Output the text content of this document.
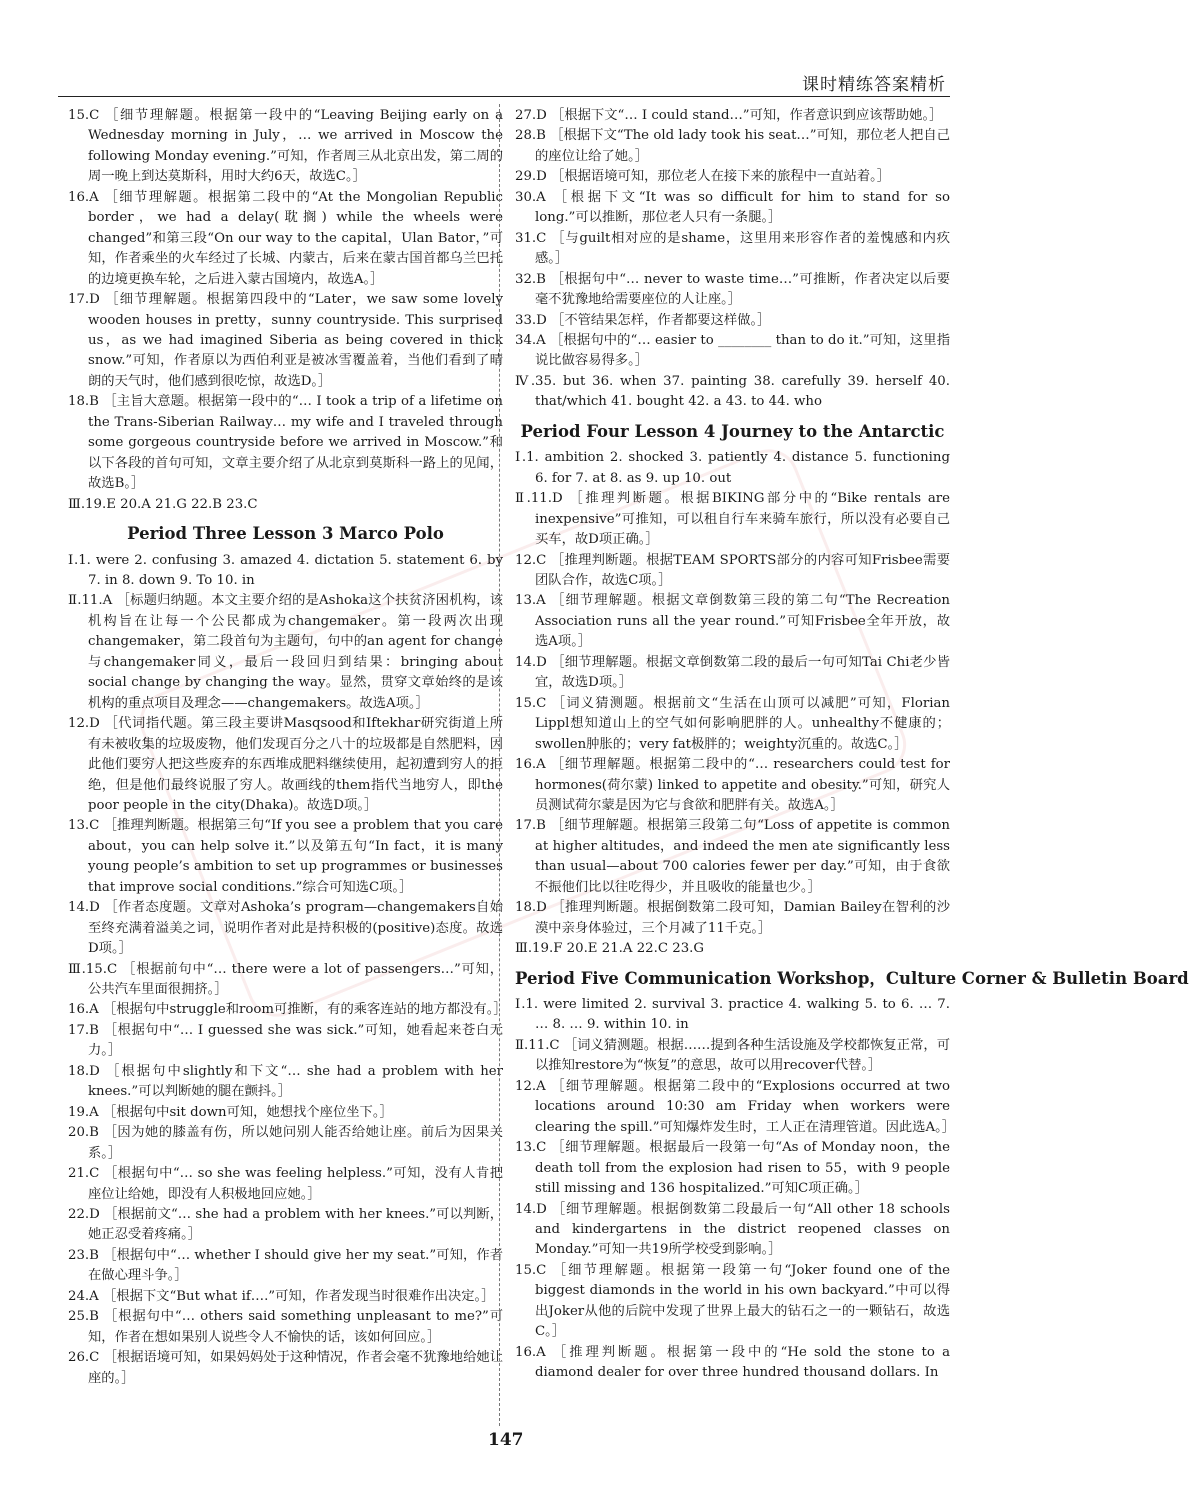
课时精练答案精析

15.C ［细节理解题。根据第一段中的“Leaving Beijing early on a Wednesday morning in July，… we arrived in Moscow the following Monday evening.”可知，作者周三从北京出发，第二周的周一晚上到达莫斯科，用时大约6天，故选C。］

16.A ［细节理解题。根据第二段中的“At the Mongolian Republic border，we had a delay(耽搁) while the wheels were changed”和第三段“On our way to the capital，Ulan Bator，”可知，作者乘坐的火车经过了长城、内蒙古，后来在蒙古国首都乌兰巴托的边境更换车轮，之后进入蒙古国境内，故选A。］

17.D ［细节理解题。根据第四段中的“Later，we saw some lovely wooden houses in pretty，sunny countryside. This surprised us，as we had imagined Siberia as being covered in thick snow.”可知，作者原以为西伯利亚是被冰雪覆盖着，当他们看到了晴朗的天气时，他们感到很吃惊，故选D。］

18.B ［主旨大意题。根据第一段中的“… I took a trip of a lifetime on the Trans-Siberian Railway… my wife and I traveled through some gorgeous countryside before we arrived in Moscow.”和以下各段的首句可知，文章主要介绍了从北京到莫斯科一路上的见闻，故选B。］

Ⅲ.19.E 20.A 21.G 22.B 23.C

Period Three Lesson 3 Marco Polo

Ⅰ.1. were 2. confusing 3. amazed 4. dictation 5. statement 6. by 7. in 8. down 9. To 10. in

Ⅱ.11.A ［标题归纳题。本文主要介绍的是Ashoka这个扶贫济困机构，该机构旨在让每一个公民都成为changemaker。第一段两次出现changemaker，第二段首句为主题句，句中的an agent for change与changemaker同义，最后一段回归到结果：bringing about social change by changing the way。显然，贯穿文章始终的是该机构的重点项目及理念——changemakers。故选A项。］

12.D ［代词指代题。第三段主要讲Masqsood和Iftekhar研究街道上所有未被收集的垃圾废物，他们发现百分之八十的垃圾都是自然肥料，因此他们要穷人把这些废弃的东西堆成肥料继续使用，起初遭到穷人的拒绝，但是他们最终说服了穷人。故画线的them指代当地穷人，即the poor people in the city(Dhaka)。故选D项。］

13.C ［推理判断题。根据第三句“If you see a problem that you care about，you can help solve it.”以及第五句“In fact，it is many young people’s ambition to set up programmes or businesses that improve social conditions.”综合可知选C项。］

14.D ［作者态度题。文章对Ashoka’s program—changemakers自始至终充满着溢美之词，说明作者对此是持积极的(positive)态度。故选D项。］

Ⅲ.15.C ［根据前句中“… there were a lot of passengers…”可知，公共汽车里面很拥挤。］

16.A ［根据句中struggle和room可推断，有的乘客连站的地方都没有。］

17.B ［根据句中“… I guessed she was sick.”可知，她看起来苍白无力。］

18.D ［根据句中slightly和下文“… she had a problem with her knees.”可以判断她的腿在颤抖。］

19.A ［根据句中sit down可知，她想找个座位坐下。］

20.B ［因为她的膝盖有伤，所以她问别人能否给她让座。前后为因果关系。］

21.C ［根据句中“… so she was feeling helpless.”可知，没有人肯把座位让给她，即没有人积极地回应她。］

22.D ［根据前文“… she had a problem with her knees.”可以判断，她正忍受着疼痛。］

23.B ［根据句中“… whether I should give her my seat.”可知，作者在做心理斗争。］

24.A ［根据下文“But what if….”可知，作者发现当时很难作出决定。］

25.B ［根据句中“… others said something unpleasant to me?”可知，作者在想如果别人说些令人不愉快的话，该如何回应。］

26.C ［根据语境可知，如果妈妈处于这种情况，作者会毫不犹豫地给她让座的。］

27.D ［根据下文“… I could stand…”可知，作者意识到应该帮助她。］

28.B ［根据下文“The old lady took his seat…”可知，那位老人把自己的座位让给了她。］

29.D ［根据语境可知，那位老人在接下来的旅程中一直站着。］

30.A ［根据下文“It was so difficult for him to stand for so long.”可以推断，那位老人只有一条腿。］

31.C ［与guilt相对应的是shame，这里用来形容作者的羞愧感和内疚感。］

32.B ［根据句中“… never to waste time…”可推断，作者决定以后要毫不犹豫地给需要座位的人让座。］

33.D ［不管结果怎样，作者都要这样做。］

34.A ［根据句中的“… easier to ________ than to do it.”可知，这里指说比做容易得多。］

Ⅳ.35. but 36. when 37. painting 38. carefully 39. herself 40. that/which 41. bought 42. a 43. to 44. who

Period Four Lesson 4 Journey to the Antarctic

Ⅰ.1. ambition 2. shocked 3. patiently 4. distance 5. functioning 6. for 7. at 8. as 9. up 10. out

Ⅱ.11.D ［推理判断题。根据BIKING部分中的“Bike rentals are inexpensive”可推知，可以租自行车来骑车旅行，所以没有必要自己买车，故D项正确。］

12.C ［推理判断题。根据TEAM SPORTS部分的内容可知Frisbee需要团队合作，故选C项。］

13.A ［细节理解题。根据文章倒数第三段的第二句“The Recreation Association runs all the year round.”可知Frisbee全年开放，故选A项。］

14.D ［细节理解题。根据文章倒数第二段的最后一句可知Tai Chi老少皆宜，故选D项。］

15.C ［词义猜测题。根据前文“生活在山顶可以减肥”可知，Florian Lippl想知道山上的空气如何影响肥胖的人。unhealthy不健康的；swollen肿胀的；very fat极胖的；weighty沉重的。故选C。］

16.A ［细节理解题。根据第二段中的“… researchers could test for hormones(荷尔蒙) linked to appetite and obesity.”可知，研究人员测试荷尔蒙是因为它与食欲和肥胖有关。故选A。］

17.B ［细节理解题。根据第三段第二句“Loss of appetite is common at higher altitudes，and indeed the men ate significantly less than usual—about 700 calories fewer per day.”可知，由于食欲不振他们比以往吃得少，并且吸收的能量也少。］

18.D ［推理判断题。根据倒数第二段可知，Damian Bailey在智利的沙漠中亲身体验过，三个月减了11千克。］

Ⅲ.19.F 20.E 21.A 22.C 23.G

Period Five Communication Workshop，Culture Corner & Bulletin Board

Ⅰ.1. were limited 2. survival 3. practice 4. walking 5. to 6. … 7. … 8. … 9. within 10. in

Ⅱ.11.C ［词义猜测题。根据……提到各种生活设施及学校都恢复正常，可以推知restore为“恢复”的意思，故可以用recover代替。］

12.A ［细节理解题。根据第二段中的“Explosions occurred at two locations around 10:30 am Friday when workers were clearing the spill.”可知爆炸发生时，工人正在清理管道。因此选A。］

13.C ［细节理解题。根据最后一段第一句“As of Monday noon，the death toll from the explosion had risen to 55，with 9 people still missing and 136 hospitalized.”可知C项正确。］

14.D ［细节理解题。根据倒数第二段最后一句“All other 18 schools and kindergartens in the district reopened classes on Monday.”可知一共19所学校受到影响。］

15.C ［细节理解题。根据第一段第一句“Joker found one of the biggest diamonds in the world in his own backyard.”中可以得出Joker从他的后院中发现了世界上最大的钻石之一的一颗钻石，故选C。］

16.A ［推理判断题。根据第一段中的“He sold the stone to a diamond dealer for over three hundred thousand dollars. In

147
